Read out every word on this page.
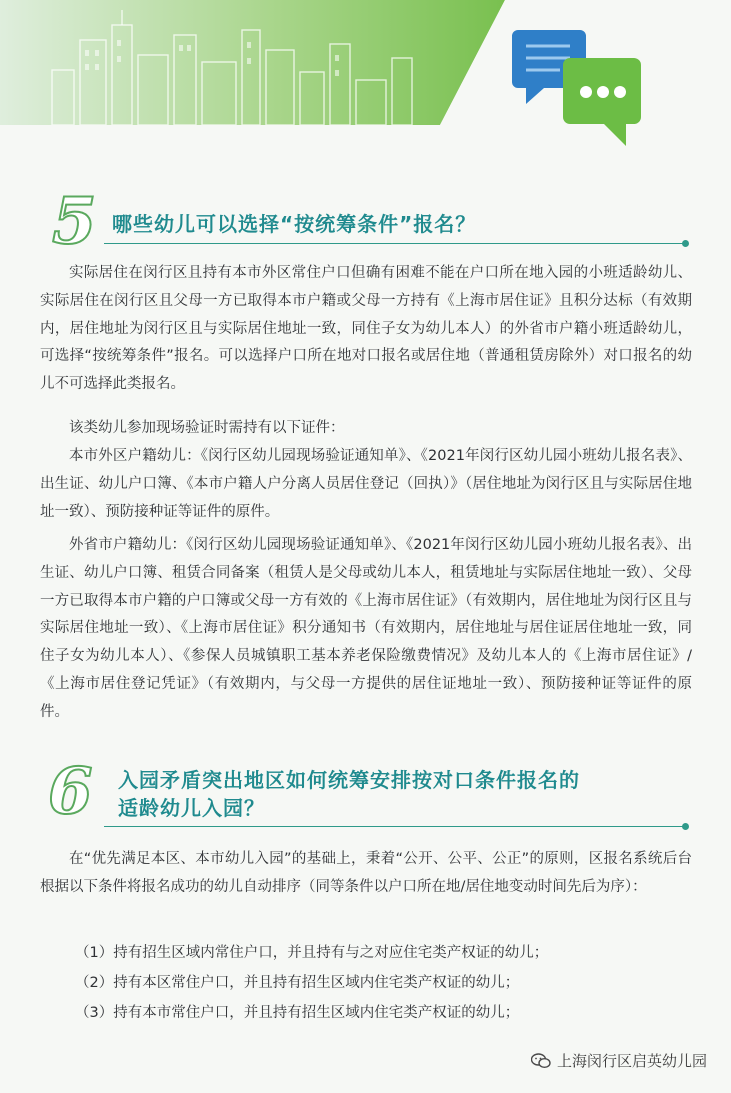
5 哪些幼儿可以选择“按统筹条件”报名？

实际居住在闵行区且持有本市外区常住户口但确有困难不能在户口所在地入园的小班适龄幼儿、实际居住在闵行区且父母一方已取得本市户籍或父母一方持有《上海市居住证》且积分达标（有效期内，居住地址为闵行区且与实际居住地址一致，同住子女为幼儿本人）的外省市户籍小班适龄幼儿，可选择“按统筹条件”报名。可以选择户口所在地对口报名或居住地（普通租赁房除外）对口报名的幼儿不可选择此类报名。

该类幼儿参加现场验证时需持有以下证件：

本市外区户籍幼儿：《闵行区幼儿园现场验证通知单》、《2021年闵行区幼儿园小班幼儿报名表》、出生证、幼儿户口簿、《本市户籍人户分离人员居住登记（回执）》（居住地址为闵行区且与实际居住地址一致）、预防接种证等证件的原件。

外省市户籍幼儿：《闵行区幼儿园现场验证通知单》、《2021年闵行区幼儿园小班幼儿报名表》、出生证、幼儿户口簿、租赁合同备案（租赁人是父母或幼儿本人，租赁地址与实际居住地址一致）、父母一方已取得本市户籍的户口簿或父母一方有效的《上海市居住证》（有效期内，居住地址为闵行区且与实际居住地址一致）、《上海市居住证》积分通知书（有效期内，居住地址与居住证居住地址一致，同住子女为幼儿本人）、《参保人员城镇职工基本养老保险缴费情况》及幼儿本人的《上海市居住证》/《上海市居住登记凭证》（有效期内，与父母一方提供的居住证地址一致）、预防接种证等证件的原件。

6 入园矛盾突出地区如何统筹安排按对口条件报名的
适龄幼儿入园？

在“优先满足本区、本市幼儿入园”的基础上，秉着“公开、公平、公正”的原则，区报名系统后台根据以下条件将报名成功的幼儿自动排序（同等条件以户口所在地/居住地变动时间先后为序）：

（1）持有招生区域内常住户口，并且持有与之对应住宅类产权证的幼儿；
（2）持有本区常住户口，并且持有招生区域内住宅类产权证的幼儿；
（3）持有本市常住户口，并且持有招生区域内住宅类产权证的幼儿；
上海闵行区启英幼儿园
